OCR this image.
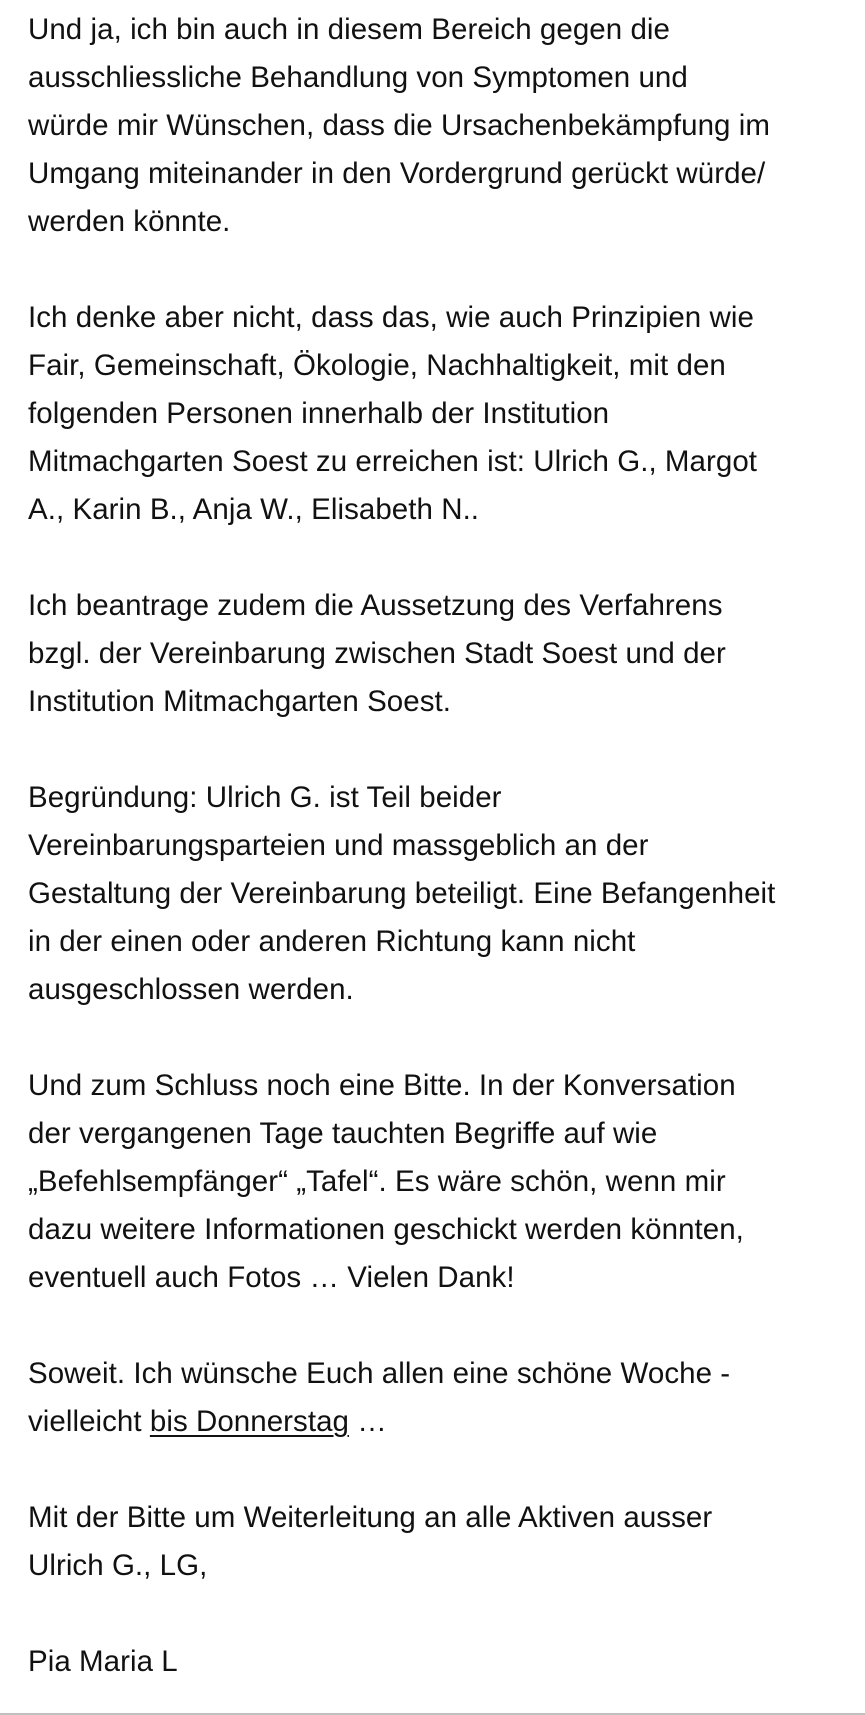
Und ja, ich bin auch in diesem Bereich gegen die
ausschliessliche Behandlung von Symptomen und
würde mir Wünschen, dass die Ursachenbekämpfung im
Umgang miteinander in den Vordergrund gerückt würde/
werden könnte.

Ich denke aber nicht, dass das, wie auch Prinzipien wie
Fair, Gemeinschaft, Ökologie, Nachhaltigkeit, mit den
folgenden Personen innerhalb der Institution
Mitmachgarten Soest zu erreichen ist: Ulrich G., Margot
A., Karin B., Anja W., Elisabeth N..

Ich beantrage zudem die Aussetzung des Verfahrens
bzgl. der Vereinbarung zwischen Stadt Soest und der
Institution Mitmachgarten Soest.

Begründung: Ulrich G. ist Teil beider
Vereinbarungsparteien und massgeblich an der
Gestaltung der Vereinbarung beteiligt. Eine Befangenheit
in der einen oder anderen Richtung kann nicht
ausgeschlossen werden.

Und zum Schluss noch eine Bitte. In der Konversation
der vergangenen Tage tauchten Begriffe auf wie
„Befehlsempfänger“ „Tafel“. Es wäre schön, wenn mir
dazu weitere Informationen geschickt werden könnten,
eventuell auch Fotos … Vielen Dank!

Soweit. Ich wünsche Euch allen eine schöne Woche -
vielleicht bis Donnerstag …

Mit der Bitte um Weiterleitung an alle Aktiven ausser
Ulrich G., LG,

Pia Maria L
